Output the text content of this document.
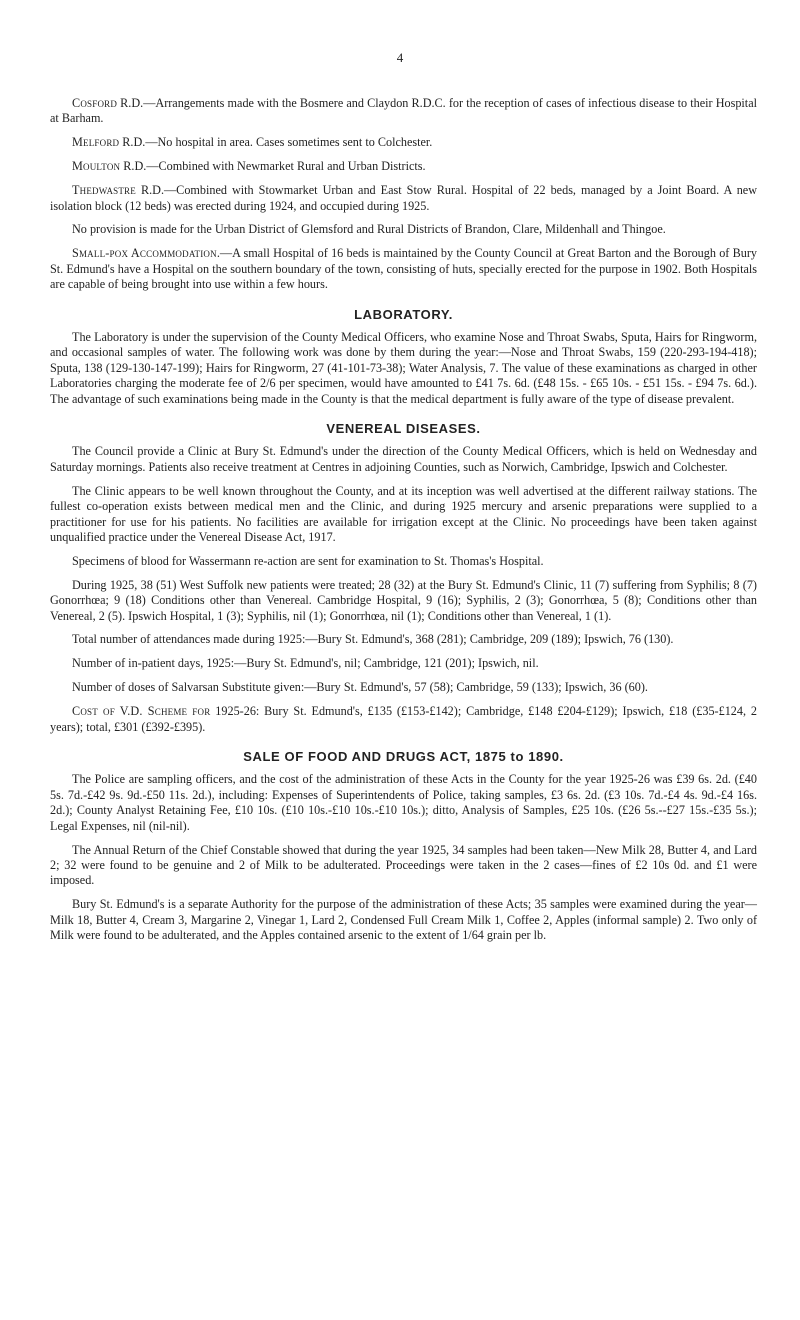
4

Cosford R.D.—Arrangements made with the Bosmere and Claydon R.D.C. for the reception of cases of infectious disease to their Hospital at Barham.

Melford R.D.—No hospital in area. Cases sometimes sent to Colchester.

Moulton R.D.—Combined with Newmarket Rural and Urban Districts.

Thedwastre R.D.—Combined with Stowmarket Urban and East Stow Rural. Hospital of 22 beds, managed by a Joint Board. A new isolation block (12 beds) was erected during 1924, and occupied during 1925.

No provision is made for the Urban District of Glemsford and Rural Districts of Brandon, Clare, Mildenhall and Thingoe.

Small-pox Accommodation.—A small Hospital of 16 beds is maintained by the County Council at Great Barton and the Borough of Bury St. Edmund's have a Hospital on the southern boundary of the town, consisting of huts, specially erected for the purpose in 1902. Both Hospitals are capable of being brought into use within a few hours.

LABORATORY.

The Laboratory is under the supervision of the County Medical Officers, who examine Nose and Throat Swabs, Sputa, Hairs for Ringworm, and occasional samples of water. The following work was done by them during the year:—Nose and Throat Swabs, 159 (220-293-194-418); Sputa, 138 (129-130-147-199); Hairs for Ringworm, 27 (41-101-73-38); Water Analysis, 7. The value of these examinations as charged in other Laboratories charging the moderate fee of 2/6 per specimen, would have amounted to £41 7s. 6d. (£48 15s. - £65 10s. - £51 15s. - £94 7s. 6d.). The advantage of such examinations being made in the County is that the medical department is fully aware of the type of disease prevalent.

VENEREAL DISEASES.

The Council provide a Clinic at Bury St. Edmund's under the direction of the County Medical Officers, which is held on Wednesday and Saturday mornings. Patients also receive treatment at Centres in adjoining Counties, such as Norwich, Cambridge, Ipswich and Colchester.

The Clinic appears to be well known throughout the County, and at its inception was well advertised at the different railway stations. The fullest co-operation exists between medical men and the Clinic, and during 1925 mercury and arsenic preparations were supplied to a practitioner for use for his patients. No facilities are available for irrigation except at the Clinic. No proceedings have been taken against unqualified practice under the Venereal Disease Act, 1917.

Specimens of blood for Wassermann re-action are sent for examination to St. Thomas's Hospital.

During 1925, 38 (51) West Suffolk new patients were treated; 28 (32) at the Bury St. Edmund's Clinic, 11 (7) suffering from Syphilis; 8 (7) Gonorrhœa; 9 (18) Conditions other than Venereal. Cambridge Hospital, 9 (16); Syphilis, 2 (3); Gonorrhœa, 5 (8); Conditions other than Venereal, 2 (5). Ipswich Hospital, 1 (3); Syphilis, nil (1); Gonorrhœa, nil (1); Conditions other than Venereal, 1 (1).

Total number of attendances made during 1925:—Bury St. Edmund's, 368 (281); Cambridge, 209 (189); Ipswich, 76 (130).

Number of in-patient days, 1925:—Bury St. Edmund's, nil; Cambridge, 121 (201); Ipswich, nil.

Number of doses of Salvarsan Substitute given:—Bury St. Edmund's, 57 (58); Cambridge, 59 (133); Ipswich, 36 (60).

Cost of V.D. Scheme for 1925-26: Bury St. Edmund's, £135 (£153-£142); Cambridge, £148 £204-£129); Ipswich, £18 (£35-£124, 2 years); total, £301 (£392-£395).

SALE OF FOOD AND DRUGS ACT, 1875 to 1890.

The Police are sampling officers, and the cost of the administration of these Acts in the County for the year 1925-26 was £39 6s. 2d. (£40 5s. 7d.-£42 9s. 9d.-£50 11s. 2d.), including: Expenses of Superintendents of Police, taking samples, £3 6s. 2d. (£3 10s. 7d.-£4 4s. 9d.-£4 16s. 2d.); County Analyst Retaining Fee, £10 10s. (£10 10s.-£10 10s.-£10 10s.); ditto, Analysis of Samples, £25 10s. (£26 5s.--£27 15s.-£35 5s.); Legal Expenses, nil (nil-nil).

The Annual Return of the Chief Constable showed that during the year 1925, 34 samples had been taken—New Milk 28, Butter 4, and Lard 2; 32 were found to be genuine and 2 of Milk to be adulterated. Proceedings were taken in the 2 cases—fines of £2 10s 0d. and £1 were imposed.

Bury St. Edmund's is a separate Authority for the purpose of the administration of these Acts; 35 samples were examined during the year—Milk 18, Butter 4, Cream 3, Margarine 2, Vinegar 1, Lard 2, Condensed Full Cream Milk 1, Coffee 2, Apples (informal sample) 2. Two only of Milk were found to be adulterated, and the Apples contained arsenic to the extent of 1/64 grain per lb.
